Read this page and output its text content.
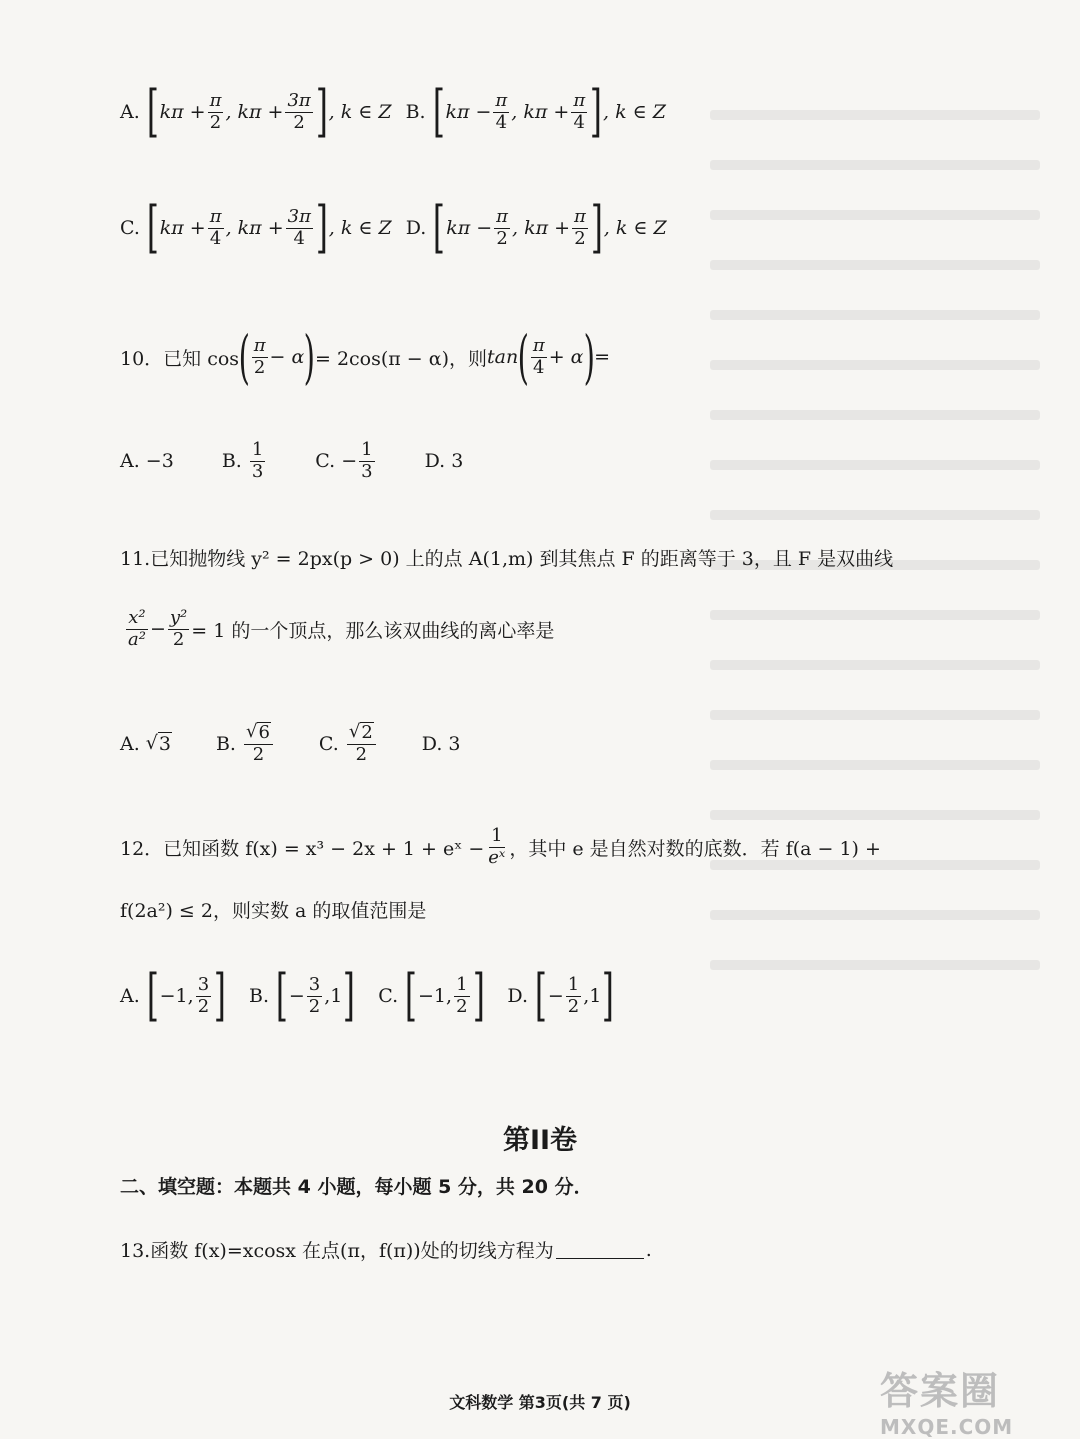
A. [ $k\pi + \frac{\pi}{2}$ , $k\pi + \frac{3\pi}{2}$ ] , k ∈ Z B. [ $k\pi - \frac{\pi}{4}$ , $k\pi + \frac{\pi}{4}$ ] , k ∈ Z
C. [ $k\pi + \frac{\pi}{4}$ , $k\pi + \frac{3\pi}{4}$ ] , k ∈ Z D. [ $k\pi - \frac{\pi}{2}$ , $k\pi + \frac{\pi}{2}$ ] , k ∈ Z
10．已知 cos ( $\frac{\pi}{2} - \alpha$ ) = 2cos(π − α)，则 tan ( $\frac{\pi}{4} + \alpha$ ) =
A. −3	B. $\frac{1}{3}$	C. − $\frac{1}{3}$	D. 3
11.已知抛物线 y² = 2px(p > 0) 上的点 A(1,m) 到其焦点 F 的距离等于 3，且 F 是双曲线
$\frac{\text{x²}}{\text{a²}} - \frac{\text{y²}}{2} = 1$ 的一个顶点，那么该双曲线的离心率是
A. √ 3 B. $\frac{√ 6}{2} C$. $\frac{√ 2}{2} D$. 3
12．已知函数 f(x) = x³ − 2x + 1 + eˣ − $\frac{1}{\text{eˣ}}$ ，其中 e 是自然对数的底数．若 f(a − 1) +
f(2a²) ≤ 2，则实数 a 的取值范围是
A. [ −1, $\frac{3}{2}$ ] B. [ − $\frac{3}{2} ,1$ ] C. [ −1, $\frac{1}{2}$ ] D. [ − $\frac{1}{2} ,1$ ]
第II卷
二、填空题：本题共 4 小题，每小题 5 分，共 20 分．
13.函数 f(x)=xcosx 在点(π，f(π))处的切线方程为	.
文科数学 第3页(共 7 页)	答案圈
MXQE.COM
